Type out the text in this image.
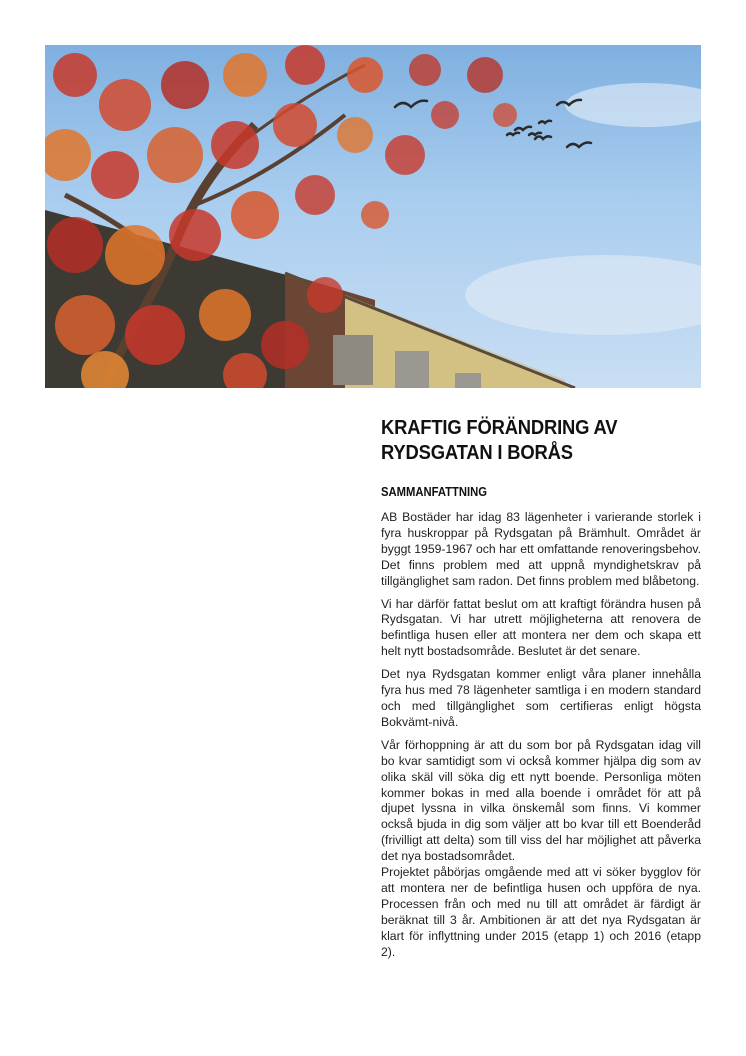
KRAFTIG FÖRÄNDRING AV RYDSGATAN I BORÅS
SAMMANFATTNING

AB Bostäder har idag 83 lägenheter i varierande storlek i fyra huskroppar på Rydsgatan på Brämhult. Området är byggt 1959-1967 och har ett omfattande renoveringsbehov. Det finns problem med att uppnå myndighetskrav på tillgänglighet sam radon. Det finns problem med blåbetong.

Vi har därför fattat beslut om att kraftigt förändra husen på Rydsgatan. Vi har utrett möjligheterna att renovera de befintliga husen eller att montera ner dem och skapa ett helt nytt bostadsområde. Beslutet är det senare.

Det nya Rydsgatan kommer enligt våra planer innehålla fyra hus med 78 lägenheter samtliga i en modern standard och med tillgänglighet som certifieras enligt högsta Bokvämt-nivå.

Vår förhoppning är att du som bor på Rydsgatan idag vill bo kvar samtidigt som vi också kommer hjälpa dig som av olika skäl vill söka dig ett nytt boende. Personliga möten kommer bokas in med alla boende i området för att på djupet lyssna in vilka önskemål som finns. Vi kommer också bjuda in dig som väljer att bo kvar till ett Boenderåd (frivilligt att delta) som till viss del har möjlighet att påverka det nya bostadsområdet.

Projektet påbörjas omgående med att vi söker bygglov för att montera ner de befintliga husen och uppföra de nya. Processen från och med nu till att området är färdigt är beräknat till 3 år. Ambitionen är att det nya Rydsgatan är klart för inflyttning under 2015 (etapp 1) och 2016 (etapp 2).
